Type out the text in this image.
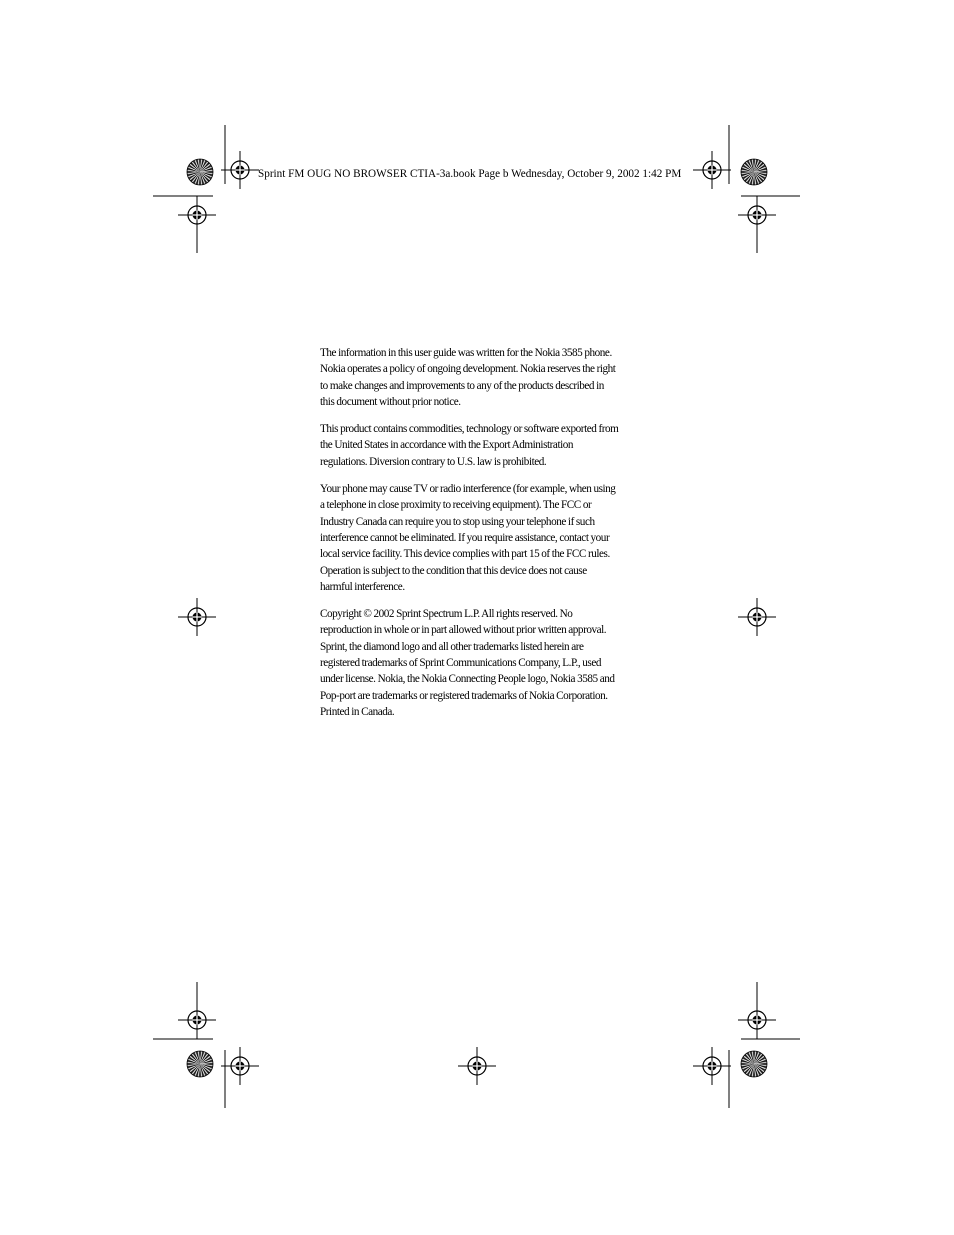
Sprint FM OUG NO BROWSER CTIA-3a.book Page b Wednesday, October 9, 2002 1:42 PM

The information in this user guide was written for the Nokia 3585 phone. Nokia operates a policy of ongoing development. Nokia reserves the right to make changes and improvements to any of the products described in this document without prior notice.

This product contains commodities, technology or software exported from the United States in accordance with the Export Administration regulations. Diversion contrary to U.S. law is prohibited.

Your phone may cause TV or radio interference (for example, when using a telephone in close proximity to receiving equipment). The FCC or Industry Canada can require you to stop using your telephone if such interference cannot be eliminated. If you require assistance, contact your local service facility. This device complies with part 15 of the FCC rules. Operation is subject to the condition that this device does not cause harmful interference.

Copyright © 2002 Sprint Spectrum L.P. All rights reserved. No reproduction in whole or in part allowed without prior written approval. Sprint, the diamond logo and all other trademarks listed herein are registered trademarks of Sprint Communications Company, L.P., used under license. Nokia, the Nokia Connecting People logo, Nokia 3585 and Pop-port are trademarks or registered trademarks of Nokia Corporation. Printed in Canada.
